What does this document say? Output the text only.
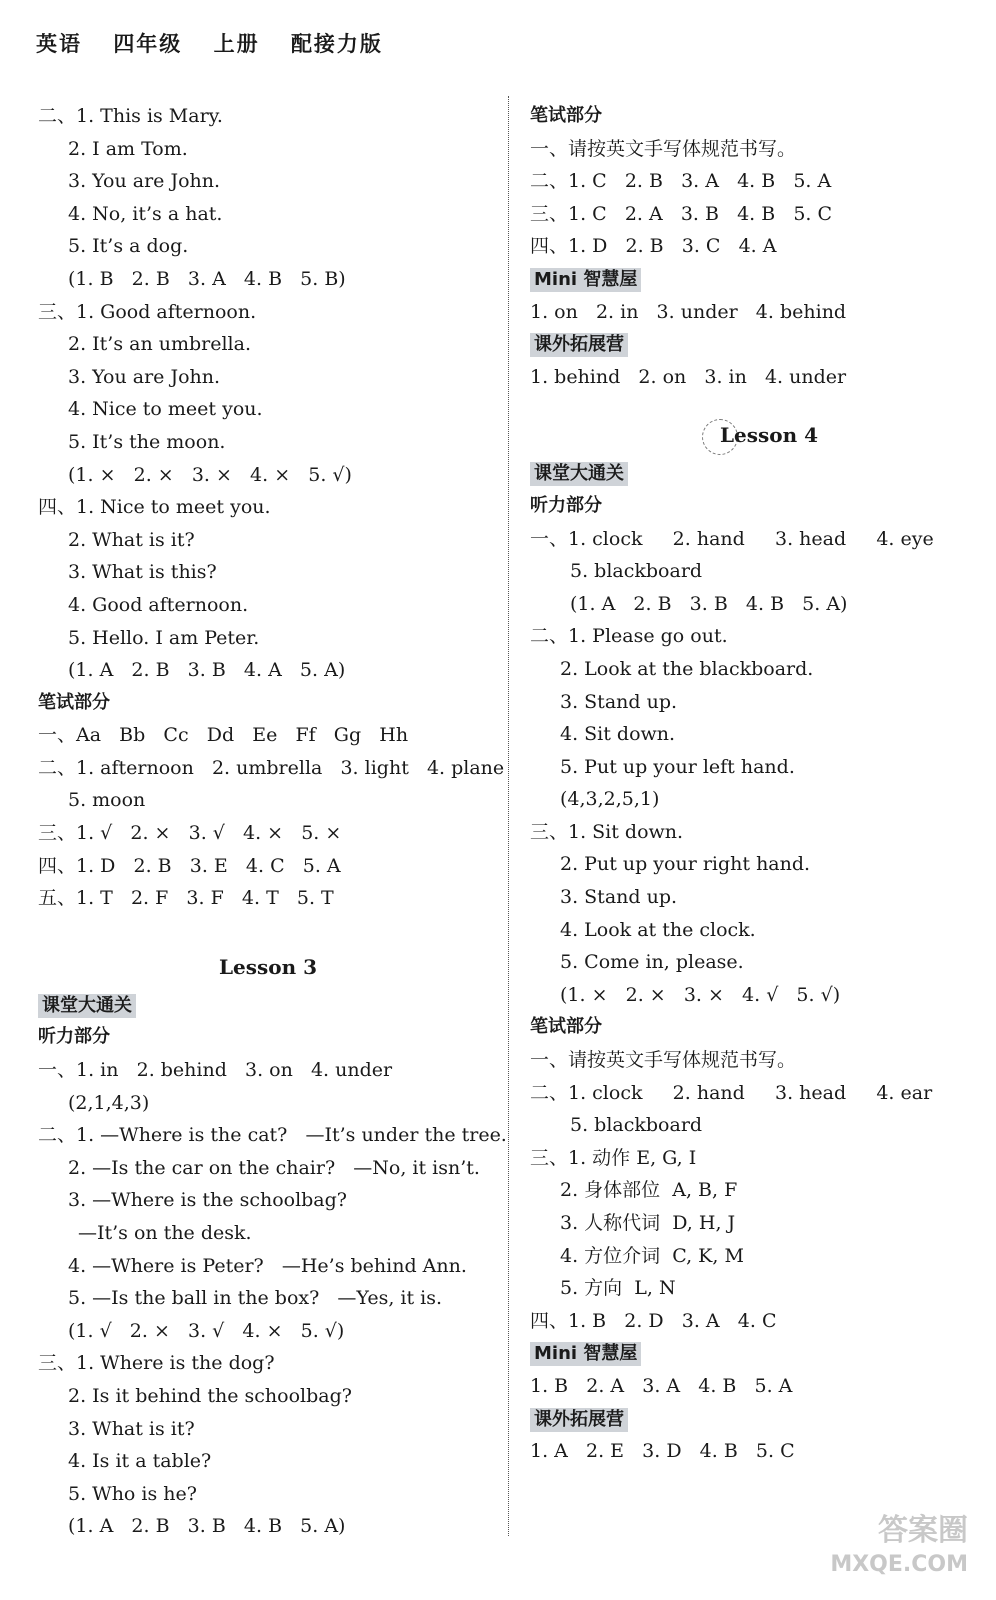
英语 四年级 上册 配接力版
二、1. This is Mary.
2. I am Tom.
3. You are John.
4. No, it’s a hat.
5. It’s a dog.
(1. B   2. B   3. A   4. B   5. B)
三、1. Good afternoon.
2. It’s an umbrella.
3. You are John.
4. Nice to meet you.
5. It’s the moon.
(1. ×   2. ×   3. ×   4. ×   5. √)
四、1. Nice to meet you.
2. What is it?
3. What is this?
4. Good afternoon.
5. Hello. I am Peter.
(1. A   2. B   3. B   4. A   5. A)
笔试部分
一、Aa   Bb   Cc   Dd   Ee   Ff   Gg   Hh
二、1. afternoon   2. umbrella   3. light   4. plane
5. moon
三、1. √   2. ×   3. √   4. ×   5. ×
四、1. D   2. B   3. E   4. C   5. A
五、1. T   2. F   3. F   4. T   5. T
Lesson 3
课堂大通关
听力部分
一、1. in   2. behind   3. on   4. under
(2,1,4,3)
二、1. —Where is the cat?   —It’s under the tree.
2. —Is the car on the chair?   —No, it isn’t.
3. —Where is the schoolbag?
—It’s on the desk.
4. —Where is Peter?   —He’s behind Ann.
5. —Is the ball in the box?   —Yes, it is.
(1. √   2. ×   3. √   4. ×   5. √)
三、1. Where is the dog?
2. Is it behind the schoolbag?
3. What is it?
4. Is it a table?
5. Who is he?
(1. A   2. B   3. B   4. B   5. A)
笔试部分
一、请按英文手写体规范书写。
二、1. C   2. B   3. A   4. B   5. A
三、1. C   2. A   3. B   4. B   5. C
四、1. D   2. B   3. C   4. A
Mini 智慧屋
1. on   2. in   3. under   4. behind
课外拓展营
1. behind   2. on   3. in   4. under
Lesson 4
课堂大通关
听力部分
一、1. clock     2. hand     3. head     4. eye
5. blackboard
(1. A   2. B   3. B   4. B   5. A)
二、1. Please go out.
2. Look at the blackboard.
3. Stand up.
4. Sit down.
5. Put up your left hand.
(4,3,2,5,1)
三、1. Sit down.
2. Put up your right hand.
3. Stand up.
4. Look at the clock.
5. Come in, please.
(1. ×   2. ×   3. ×   4. √   5. √)
笔试部分
一、请按英文手写体规范书写。
二、1. clock     2. hand     3. head     4. ear
5. blackboard
三、1. 动作 E, G, I
2. 身体部位  A, B, F
3. 人称代词  D, H, J
4. 方位介词  C, K, M
5. 方向  L, N
四、1. B   2. D   3. A   4. C
Mini 智慧屋
1. B   2. A   3. A   4. B   5. A
课外拓展营
1. A   2. E   3. D   4. B   5. C
答案圈
MXQE.COM
